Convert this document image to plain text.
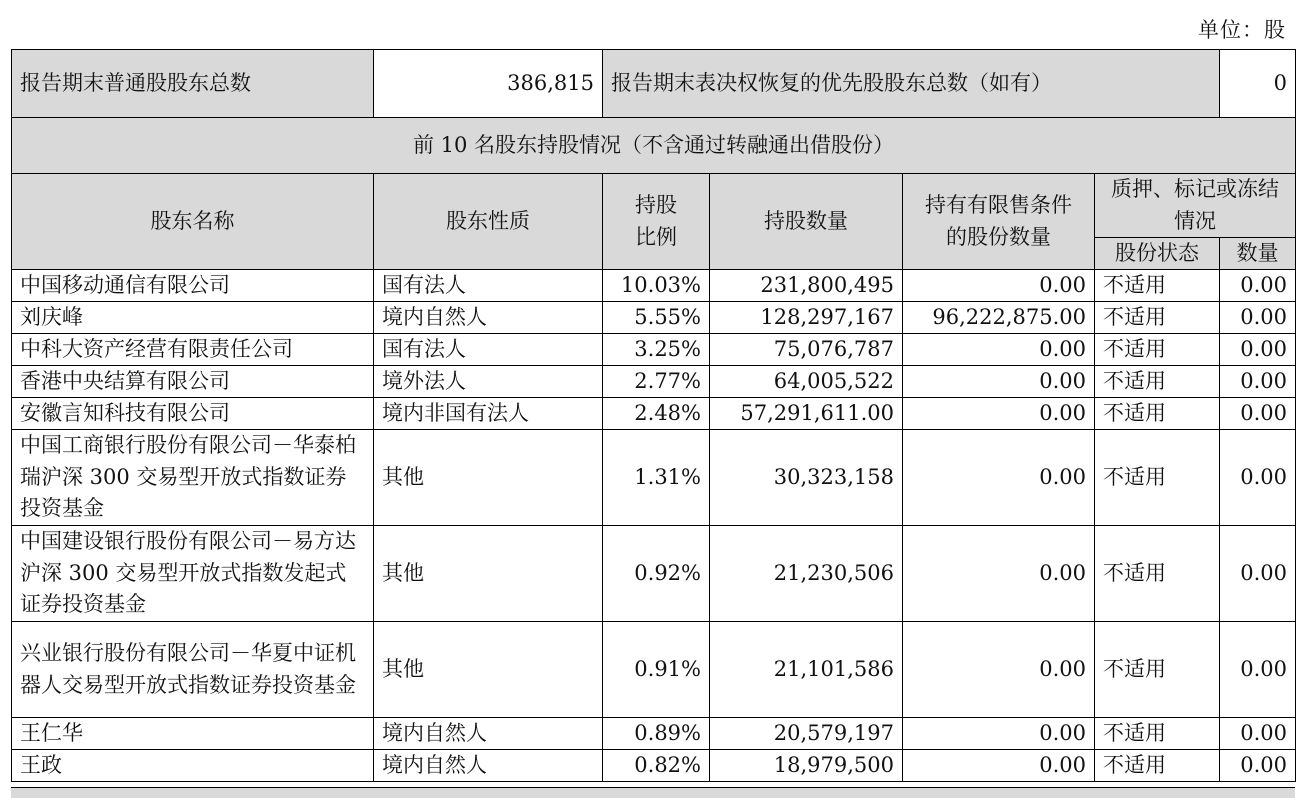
单位：股
报告期末普通股股东总数	386,815	报告期末表决权恢复的优先股股东总数（如有）				0
前 10 名股东持股情况（不含通过转融通出借股份）						
股东名称	股东性质	持股比例	持股数量	持有有限售条件的股份数量	质押、标记或冻结情况	
					股份状态	数量
中国移动通信有限公司	国有法人	10.03%	231,800,495	0.00	不适用	0.00
刘庆峰	境内自然人	5.55%	128,297,167	96,222,875.00	不适用	0.00
中科大资产经营有限责任公司	国有法人	3.25%	75,076,787	0.00	不适用	0.00
香港中央结算有限公司	境外法人	2.77%	64,005,522	0.00	不适用	0.00
安徽言知科技有限公司	境内非国有法人	2.48%	57,291,611.00	0.00	不适用	0.00
中国工商银行股份有限公司－华泰柏瑞沪深 300 交易型开放式指数证券投资基金	其他	1.31%	30,323,158	0.00	不适用	0.00
中国建设银行股份有限公司－易方达沪深 300 交易型开放式指数发起式证券投资基金	其他	0.92%	21,230,506	0.00	不适用	0.00
兴业银行股份有限公司－华夏中证机器人交易型开放式指数证券投资基金	其他	0.91%	21,101,586	0.00	不适用	0.00
王仁华	境内自然人	0.89%	20,579,197	0.00	不适用	0.00
王政	境内自然人	0.82%	18,979,500	0.00	不适用	0.00
